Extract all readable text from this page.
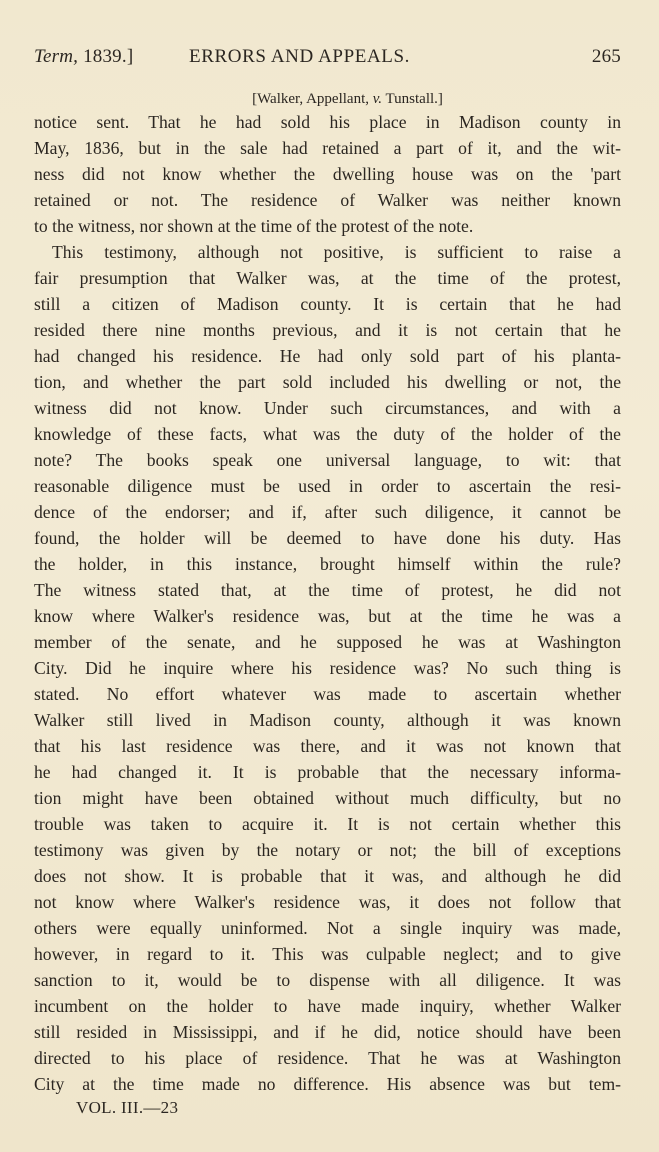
Term, 1839.]	ERRORS AND APPEALS.	265
[Walker, Appellant, v. Tunstall.]
notice sent. That he had sold his place in Madison county in
May, 1836, but in the sale had retained a part of it, and the wit-
ness did not know whether the dwelling house was on the 'part
retained or not. The residence of Walker was neither known
to the witness, nor shown at the time of the protest of the note.
This testimony, although not positive, is sufficient to raise a
fair presumption that Walker was, at the time of the protest,
still a citizen of Madison county. It is certain that he had
resided there nine months previous, and it is not certain that he
had changed his residence. He had only sold part of his planta-
tion, and whether the part sold included his dwelling or not, the
witness did not know. Under such circumstances, and with a
knowledge of these facts, what was the duty of the holder of the
note? The books speak one universal language, to wit: that
reasonable diligence must be used in order to ascertain the resi-
dence of the endorser; and if, after such diligence, it cannot be
found, the holder will be deemed to have done his duty. Has
the holder, in this instance, brought himself within the rule?
The witness stated that, at the time of protest, he did not
know where Walker's residence was, but at the time he was a
member of the senate, and he supposed he was at Washington
City. Did he inquire where his residence was? No such thing is
stated. No effort whatever was made to ascertain whether
Walker still lived in Madison county, although it was known
that his last residence was there, and it was not known that
he had changed it. It is probable that the necessary informa-
tion might have been obtained without much difficulty, but no
trouble was taken to acquire it. It is not certain whether this
testimony was given by the notary or not; the bill of exceptions
does not show. It is probable that it was, and although he did
not know where Walker's residence was, it does not follow that
others were equally uninformed. Not a single inquiry was made,
however, in regard to it. This was culpable neglect; and to give
sanction to it, would be to dispense with all diligence. It was
incumbent on the holder to have made inquiry, whether Walker
still resided in Mississippi, and if he did, notice should have been
directed to his place of residence. That he was at Washington
City at the time made no difference. His absence was but tem-
VOL. III.—23
